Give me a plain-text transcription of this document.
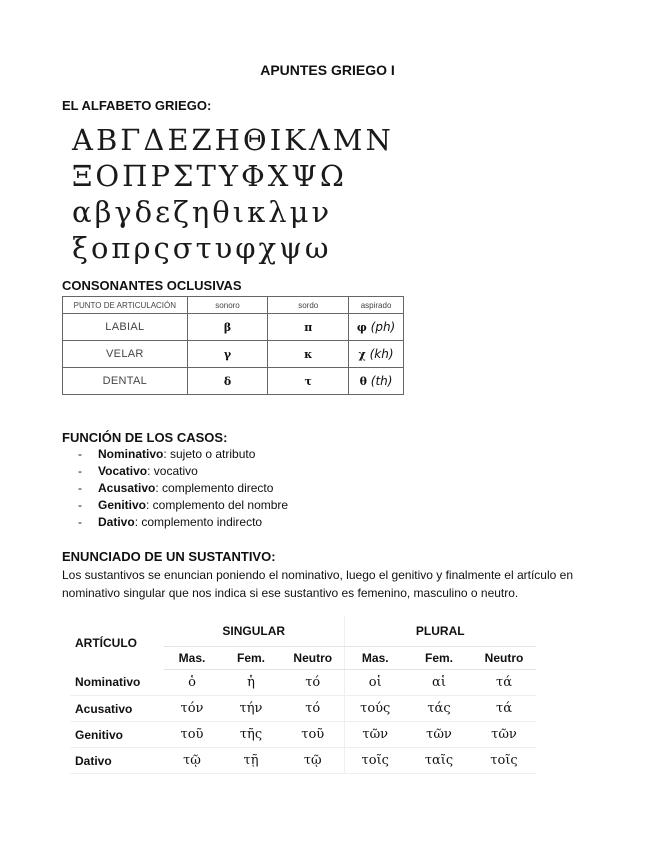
APUNTES GRIEGO I
EL ALFABETO GRIEGO:
ΑΒΓΔΕΖΗΘΙΚΛΜΝ
ΞΟΠΡΣΤΥΦΧΨΩ
αβγδεζηθικλμν
ξοπρςστυφχψω
CONSONANTES OCLUSIVAS
PUNTO DE ARTICULACIÓN	sonoro	sordo	aspirado
LABIAL	β	π	φ (ph)
VELAR	γ	κ	χ (kh)
DENTAL	δ	τ	θ (th)
FUNCIÓN DE LOS CASOS:
- Nominativo: sujeto o atributo
- Vocativo: vocativo
- Acusativo: complemento directo
- Genitivo: complemento del nombre
- Dativo: complemento indirecto
ENUNCIADO DE UN SUSTANTIVO:
Los sustantivos se enuncian poniendo el nominativo, luego el genitivo y finalmente el artículo en nominativo singular que nos indica si ese sustantivo es femenino, masculino o neutro.
ARTÍCULO	SINGULAR			PLURAL		
	Mas.	Fem.	Neutro	Mas.	Fem.	Neutro
Nominativo	ὁ	ἡ	τό	οἱ	αἱ	τά
Acusativo	τόν	τήν	τό	τούς	τάς	τά
Genitivo	τοῦ	τῆς	τοῦ	τῶν	τῶν	τῶν
Dativo	τῷ	τῇ	τῷ	τοῖς	ταῖς	τοῖς
